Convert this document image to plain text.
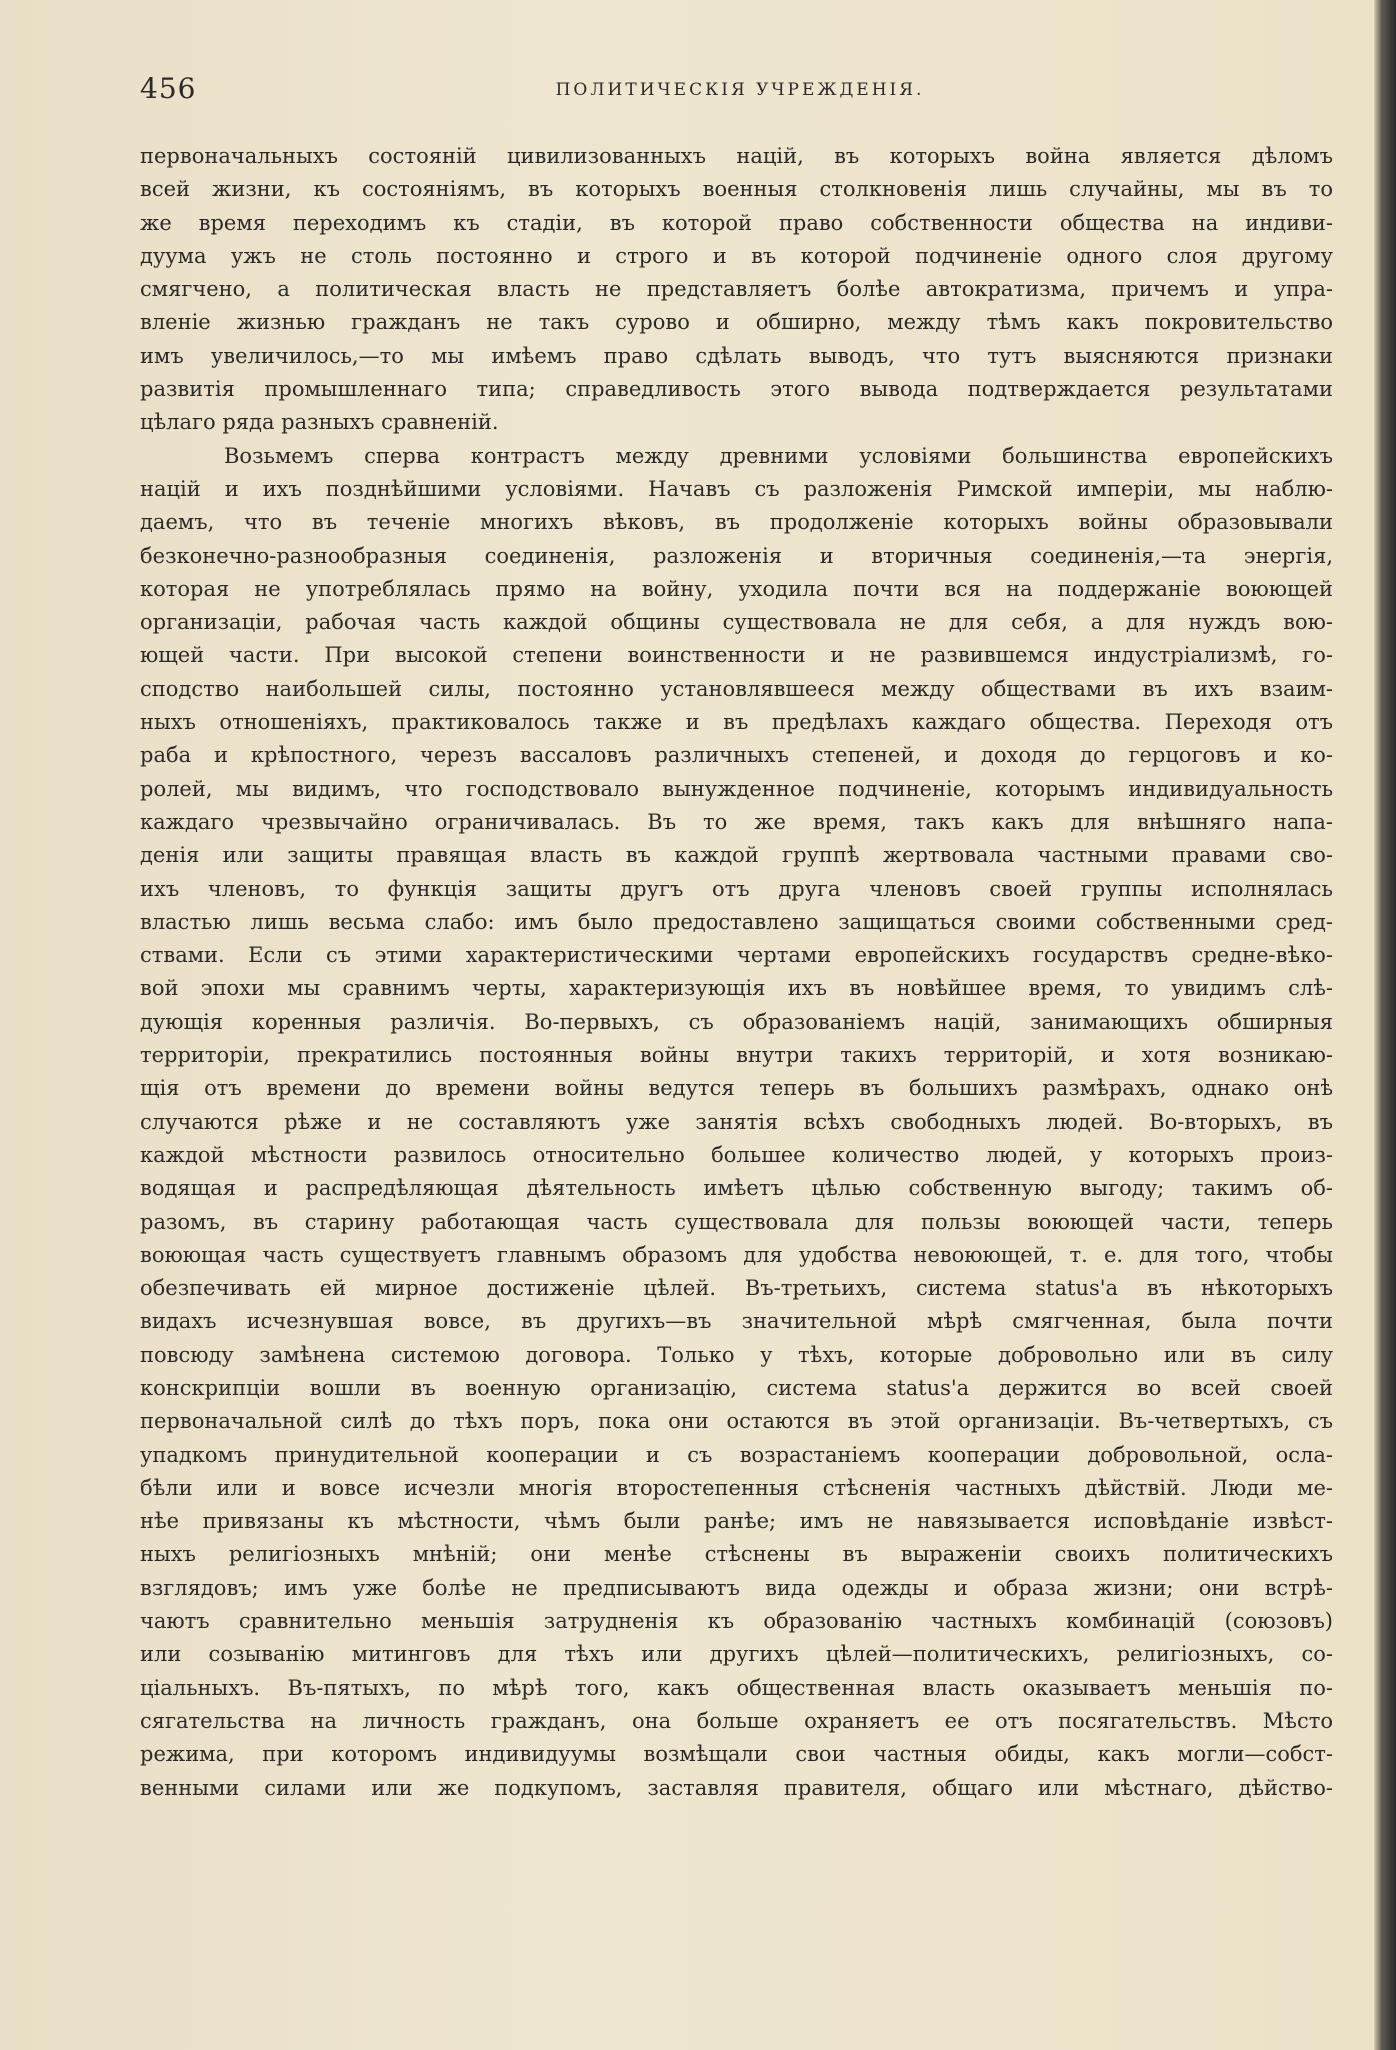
456	ПОЛИТИЧЕСКІЯ УЧРЕЖДЕНІЯ.
первоначальныхъ состояній цивилизованныхъ націй, въ которыхъ война является дѣломъ
всей жизни, къ состояніямъ, въ которыхъ военныя столкновенія лишь случайны, мы въ то
же время переходимъ къ стадіи, въ которой право собственности общества на индиви-
дуума ужъ не столь постоянно и строго и въ которой подчиненіе одного слоя другому
смягчено, а политическая власть не представляетъ болѣе автократизма, причемъ и упра-
вленіе жизнью гражданъ не такъ сурово и обширно, между тѣмъ какъ покровительство
имъ увеличилось,—то мы имѣемъ право сдѣлать выводъ, что тутъ выясняются признаки
развитія промышленнаго типа; справедливость этого вывода подтверждается результатами
цѣлаго ряда разныхъ сравненій.
Возьмемъ сперва контрастъ между древними условіями большинства европейскихъ
націй и ихъ позднѣйшими условіями. Начавъ съ разложенія Римской имперіи, мы наблю-
даемъ, что въ теченіе многихъ вѣковъ, въ продолженіе которыхъ войны образовывали
безконечно-разнообразныя соединенія, разложенія и вторичныя соединенія,—та энергія,
которая не употреблялась прямо на войну, уходила почти вся на поддержаніе воюющей
организаціи, рабочая часть каждой общины существовала не для себя, а для нуждъ вою-
ющей части. При высокой степени воинственности и не развившемся индустріализмѣ, го-
сподство наибольшей силы, постоянно установлявшееся между обществами въ ихъ взаим-
ныхъ отношеніяхъ, практиковалось также и въ предѣлахъ каждаго общества. Переходя отъ
раба и крѣпостного, черезъ вассаловъ различныхъ степеней, и доходя до герцоговъ и ко-
ролей, мы видимъ, что господствовало вынужденное подчиненіе, которымъ индивидуальность
каждаго чрезвычайно ограничивалась. Въ то же время, такъ какъ для внѣшняго напа-
денія или защиты правящая власть въ каждой группѣ жертвовала частными правами сво-
ихъ членовъ, то функція защиты другъ отъ друга членовъ своей группы исполнялась
властью лишь весьма слабо: имъ было предоставлено защищаться своими собственными сред-
ствами. Если съ этими характеристическими чертами европейскихъ государствъ средне-вѣко-
вой эпохи мы сравнимъ черты, характеризующія ихъ въ новѣйшее время, то увидимъ слѣ-
дующія коренныя различія. Во-первыхъ, съ образованіемъ націй, занимающихъ обширныя
территоріи, прекратились постоянныя войны внутри такихъ территорій, и хотя возникаю-
щія отъ времени до времени войны ведутся теперь въ большихъ размѣрахъ, однако онѣ
случаются рѣже и не составляютъ уже занятія всѣхъ свободныхъ людей. Во-вторыхъ, въ
каждой мѣстности развилось относительно большее количество людей, у которыхъ произ-
водящая и распредѣляющая дѣятельность имѣетъ цѣлью собственную выгоду; такимъ об-
разомъ, въ старину работающая часть существовала для пользы воюющей части, теперь
воюющая часть существуетъ главнымъ образомъ для удобства невоюющей, т. е. для того, чтобы
обезпечивать ей мирное достиженіе цѣлей. Въ-третьихъ, система status'а въ нѣкоторыхъ
видахъ исчезнувшая вовсе, въ другихъ—въ значительной мѣрѣ смягченная, была почти
повсюду замѣнена системою договора. Только у тѣхъ, которые добровольно или въ силу
конскрипціи вошли въ военную организацію, система status'а держится во всей своей
первоначальной силѣ до тѣхъ поръ, пока они остаются въ этой организаціи. Въ-четвертыхъ, съ
упадкомъ принудительной кооперации и съ возрастаніемъ кооперации добровольной, осла-
бѣли или и вовсе исчезли многія второстепенныя стѣсненія частныхъ дѣйствій. Люди ме-
нѣе привязаны къ мѣстности, чѣмъ были ранѣе; имъ не навязывается исповѣданіе извѣст-
ныхъ религіозныхъ мнѣній; они менѣе стѣснены въ выраженіи своихъ политическихъ
взглядовъ; имъ уже болѣе не предписываютъ вида одежды и образа жизни; они встрѣ-
чаютъ сравнительно меньшія затрудненія къ образованію частныхъ комбинацій (союзовъ)
или созыванію митинговъ для тѣхъ или другихъ цѣлей—политическихъ, религіозныхъ, со-
ціальныхъ. Въ-пятыхъ, по мѣрѣ того, какъ общественная власть оказываетъ меньшія по-
сягательства на личность гражданъ, она больше охраняетъ ее отъ посягательствъ. Мѣсто
режима, при которомъ индивидуумы возмѣщали свои частныя обиды, какъ могли—собст-
венными силами или же подкупомъ, заставляя правителя, общаго или мѣстнаго, дѣйство-
